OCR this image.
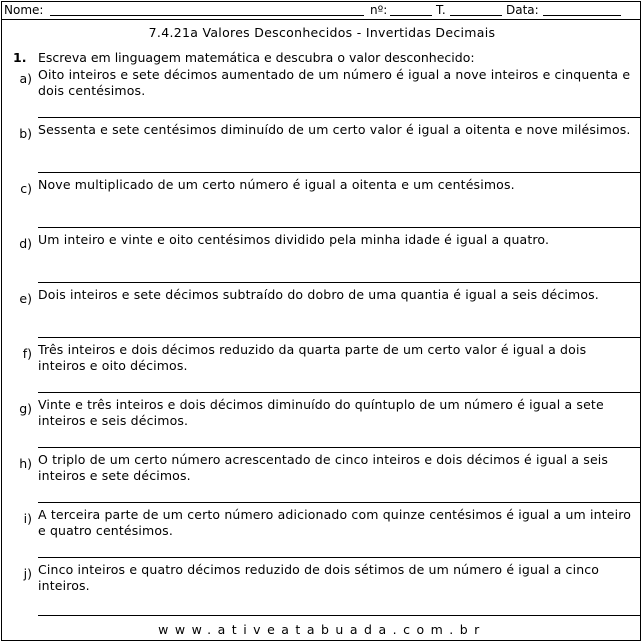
Nome:	nº:	T.	Data:
7.4.21a Valores Desconhecidos - Invertidas Decimais
1. Escreva em linguagem matemática e descubra o valor desconhecido:
a) Oito inteiros e sete décimos aumentado de um número é igual a nove inteiros e cinquenta e dois centésimos.
b) Sessenta e sete centésimos diminuído de um certo valor é igual a oitenta e nove milésimos.
c) Nove multiplicado de um certo número é igual a oitenta e um centésimos.
d) Um inteiro e vinte e oito centésimos dividido pela minha idade é igual a quatro.
e) Dois inteiros e sete décimos subtraído do dobro de uma quantia é igual a seis décimos.
f) Três inteiros e dois décimos reduzido da quarta parte de um certo valor é igual a dois inteiros e oito décimos.
g) Vinte e três inteiros e dois décimos diminuído do quíntuplo de um número é igual a sete inteiros e seis décimos.
h) O triplo de um certo número acrescentado de cinco inteiros e dois décimos é igual a seis inteiros e sete décimos.
i) A terceira parte de um certo número adicionado com quinze centésimos é igual a um inteiro e quatro centésimos.
j) Cinco inteiros e quatro décimos reduzido de dois sétimos de um número é igual a cinco inteiros.
www.ativeatabuada.com.br
